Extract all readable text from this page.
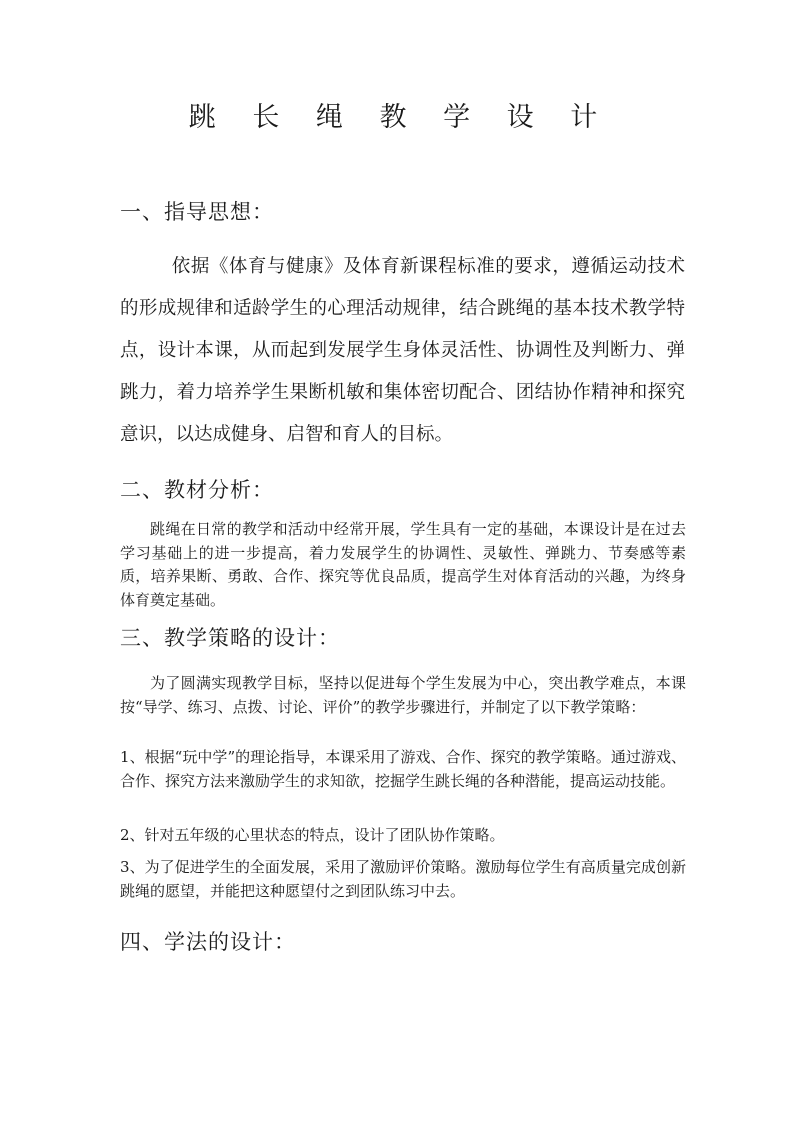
跳 长 绳 教 学 设 计
一、指导思想：
依据《体育与健康》及体育新课程标准的要求，遵循运动技术的形成规律和适龄学生的心理活动规律，结合跳绳的基本技术教学特点，设计本课，从而起到发展学生身体灵活性、协调性及判断力、弹跳力，着力培养学生果断机敏和集体密切配合、团结协作精神和探究意识，以达成健身、启智和育人的目标。
二、教材分析：
跳绳在日常的教学和活动中经常开展，学生具有一定的基础，本课设计是在过去学习基础上的进一步提高，着力发展学生的协调性、灵敏性、弹跳力、节奏感等素质，培养果断、勇敢、合作、探究等优良品质，提高学生对体育活动的兴趣，为终身体育奠定基础。
三、教学策略的设计：
为了圆满实现教学目标，坚持以促进每个学生发展为中心，突出教学难点，本课按“导学、练习、点拨、讨论、评价”的教学步骤进行，并制定了以下教学策略：
1、根据“玩中学”的理论指导，本课采用了游戏、合作、探究的教学策略。通过游戏、合作、探究方法来激励学生的求知欲，挖掘学生跳长绳的各种潜能，提高运动技能。
2、针对五年级的心里状态的特点，设计了团队协作策略。
3、为了促进学生的全面发展，采用了激励评价策略。激励每位学生有高质量完成创新跳绳的愿望，并能把这种愿望付之到团队练习中去。
四、学法的设计：
